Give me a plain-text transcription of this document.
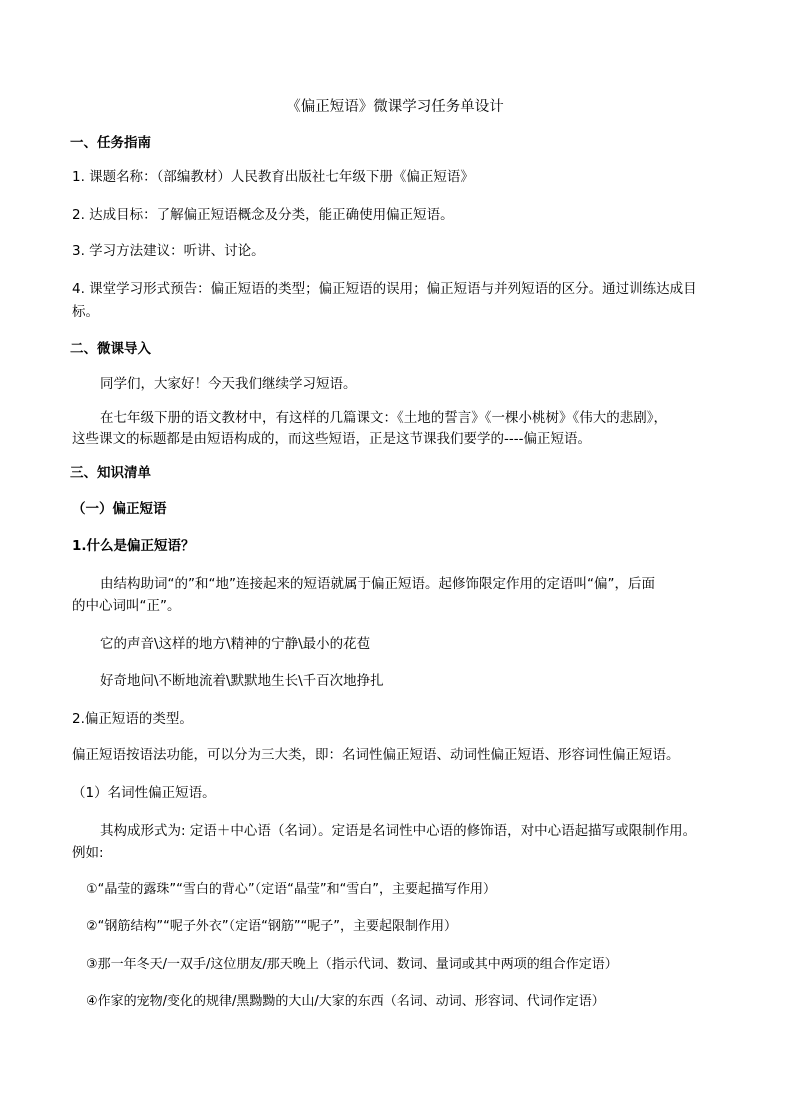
《偏正短语》微课学习任务单设计
一、任务指南
1. 课题名称：（部编教材）人民教育出版社七年级下册《偏正短语》
2. 达成目标：了解偏正短语概念及分类，能正确使用偏正短语。
3. 学习方法建议：听讲、讨论。
4. 课堂学习形式预告：偏正短语的类型；偏正短语的误用；偏正短语与并列短语的区分。通过训练达成目
标。
二、微课导入
同学们，大家好！今天我们继续学习短语。
在七年级下册的语文教材中，有这样的几篇课文：《土地的誓言》《一棵小桃树》《伟大的悲剧》，
这些课文的标题都是由短语构成的，而这些短语，正是这节课我们要学的----偏正短语。
三、知识清单
（一）偏正短语
1.什么是偏正短语？
由结构助词“的”和“地”连接起来的短语就属于偏正短语。起修饰限定作用的定语叫“偏”，后面
的中心词叫“正”。
它的声音\这样的地方\精神的宁静\最小的花苞
好奇地问\不断地流着\默默地生长\千百次地挣扎
2.偏正短语的类型。
偏正短语按语法功能，可以分为三大类，即：名词性偏正短语、动词性偏正短语、形容词性偏正短语。
（1）名词性偏正短语。
其构成形式为: 定语＋中心语（名词）。定语是名词性中心语的修饰语，对中心语起描写或限制作用。
例如:
①“晶莹的露珠”“雪白的背心”（定语“晶莹”和“雪白”，主要起描写作用）
②“钢筋结构”“呢子外衣”（定语“钢筋”“呢子”，主要起限制作用）
③那一年冬天/一双手/这位朋友/那天晚上（指示代词、数词、量词或其中两项的组合作定语）
④作家的宠物/变化的规律/黑黝黝的大山/大家的东西（名词、动词、形容词、代词作定语）
